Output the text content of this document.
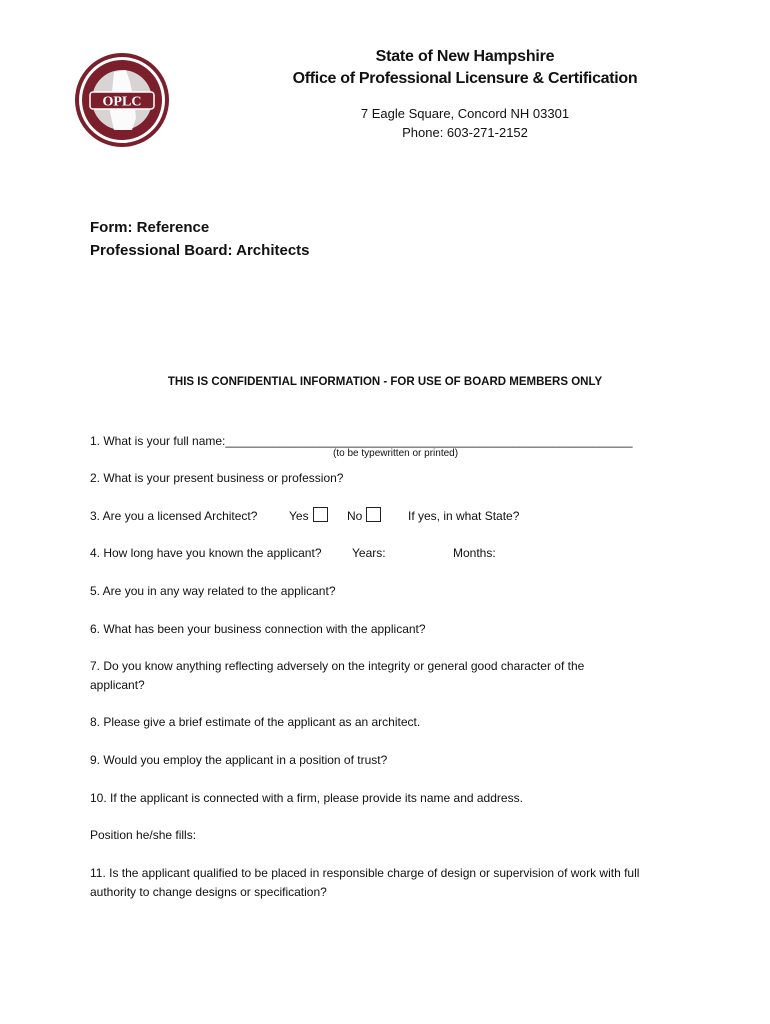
OPLC
State of New Hampshire
Office of Professional Licensure & Certification
7 Eagle Square, Concord NH 03301
Phone: 603-271-2152
Form: Reference
Professional Board: Architects
THIS IS CONFIDENTIAL INFORMATION - FOR USE OF BOARD MEMBERS ONLY
1. What is your full name:_____________________________________________________________
(to be typewritten or printed)
2. What is your present business or profession?
3. Are you a licensed Architect?	Yes	No	If yes, in what State?
4. How long have you known the applicant?	Years:	Months:
5. Are you in any way related to the applicant?
6. What has been your business connection with the applicant?
7. Do you know anything reflecting adversely on the integrity or general good character of the
applicant?
8. Please give a brief estimate of the applicant as an architect.
9. Would you employ the applicant in a position of trust?
10. If the applicant is connected with a firm, please provide its name and address.
Position he/she fills:
11. Is the applicant qualified to be placed in responsible charge of design or supervision of work with full
authority to change designs or specification?
